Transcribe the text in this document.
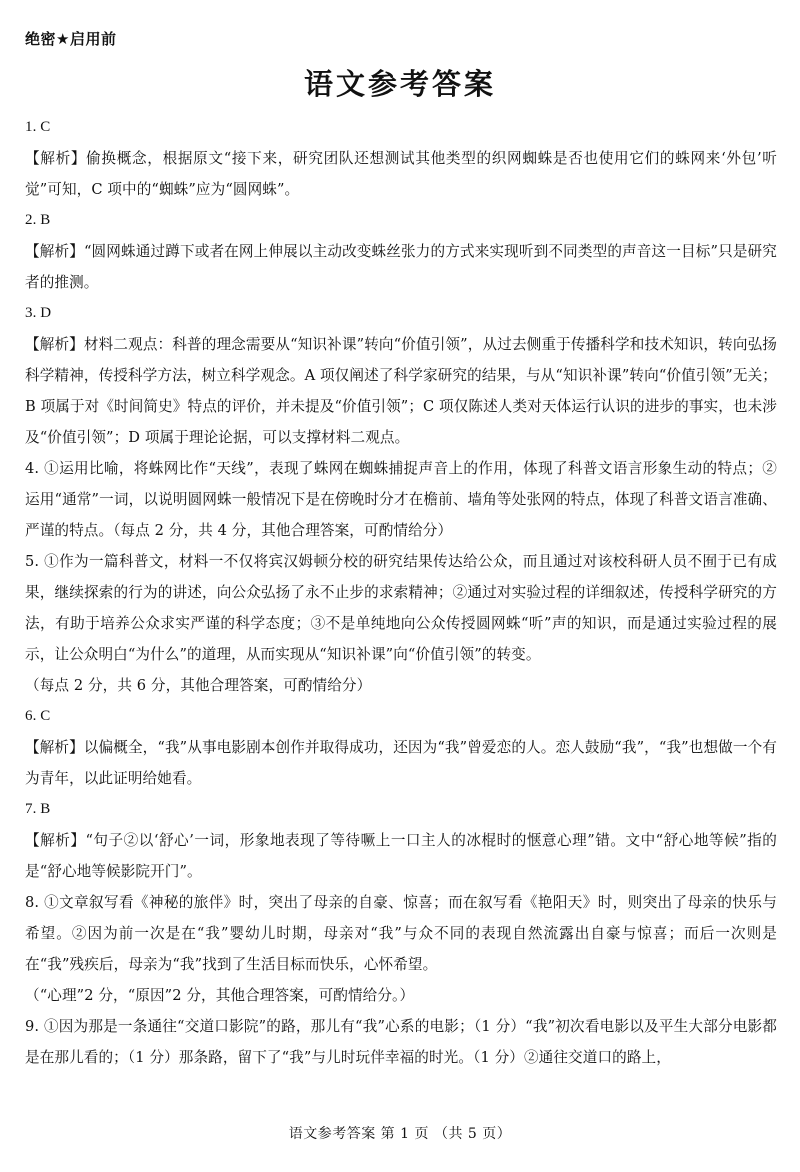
绝密★启用前
语文参考答案

1. C

【解析】偷换概念，根据原文“接下来，研究团队还想测试其他类型的织网蜘蛛是否也使用它们的蛛网来‘外包’听觉”可知，C 项中的“蜘蛛”应为“圆网蛛”。

2. B

【解析】“圆网蛛通过蹲下或者在网上伸展以主动改变蛛丝张力的方式来实现听到不同类型的声音这一目标”只是研究者的推测。

3. D

【解析】材料二观点：科普的理念需要从“知识补课”转向“价值引领”，从过去侧重于传播科学和技术知识，转向弘扬科学精神，传授科学方法，树立科学观念。A 项仅阐述了科学家研究的结果，与从“知识补课”转向“价值引领”无关；B 项属于对《时间简史》特点的评价，并未提及“价值引领”；C 项仅陈述人类对天体运行认识的进步的事实，也未涉及“价值引领”；D 项属于理论论据，可以支撑材料二观点。

4. ①运用比喻，将蛛网比作“天线”，表现了蛛网在蜘蛛捕捉声音上的作用，体现了科普文语言形象生动的特点；②运用“通常”一词，以说明圆网蛛一般情况下是在傍晚时分才在檐前、墙角等处张网的特点，体现了科普文语言准确、严谨的特点。（每点 2 分，共 4 分，其他合理答案，可酌情给分）

5. ①作为一篇科普文，材料一不仅将宾汉姆顿分校的研究结果传达给公众，而且通过对该校科研人员不囿于已有成果，继续探索的行为的讲述，向公众弘扬了永不止步的求索精神；②通过对实验过程的详细叙述，传授科学研究的方法，有助于培养公众求实严谨的科学态度；③不是单纯地向公众传授圆网蛛“听”声的知识，而是通过实验过程的展示，让公众明白“为什么”的道理，从而实现从“知识补课”向“价值引领”的转变。

（每点 2 分，共 6 分，其他合理答案，可酌情给分）

6. C

【解析】以偏概全，“我”从事电影剧本创作并取得成功，还因为“我”曾爱恋的人。恋人鼓励“我”，“我”也想做一个有为青年，以此证明给她看。

7. B

【解析】“句子②以‘舒心’一词，形象地表现了等待噘上一口主人的冰棍时的惬意心理”错。文中“舒心地等候”指的是“舒心地等候影院开门”。

8. ①文章叙写看《神秘的旅伴》时，突出了母亲的自豪、惊喜；而在叙写看《艳阳天》时，则突出了母亲的快乐与希望。②因为前一次是在“我”婴幼儿时期，母亲对“我”与众不同的表现自然流露出自豪与惊喜；而后一次则是在“我”残疾后，母亲为“我”找到了生活目标而快乐，心怀希望。

（“心理”2 分，“原因”2 分，其他合理答案，可酌情给分。）

9. ①因为那是一条通往“交道口影院”的路，那儿有“我”心系的电影；（1 分）“我”初次看电影以及平生大部分电影都是在那儿看的；（1 分）那条路，留下了“我”与儿时玩伴幸福的时光。（1 分）②通往交道口的路上，

语文参考答案 第 1 页 （共 5 页）
